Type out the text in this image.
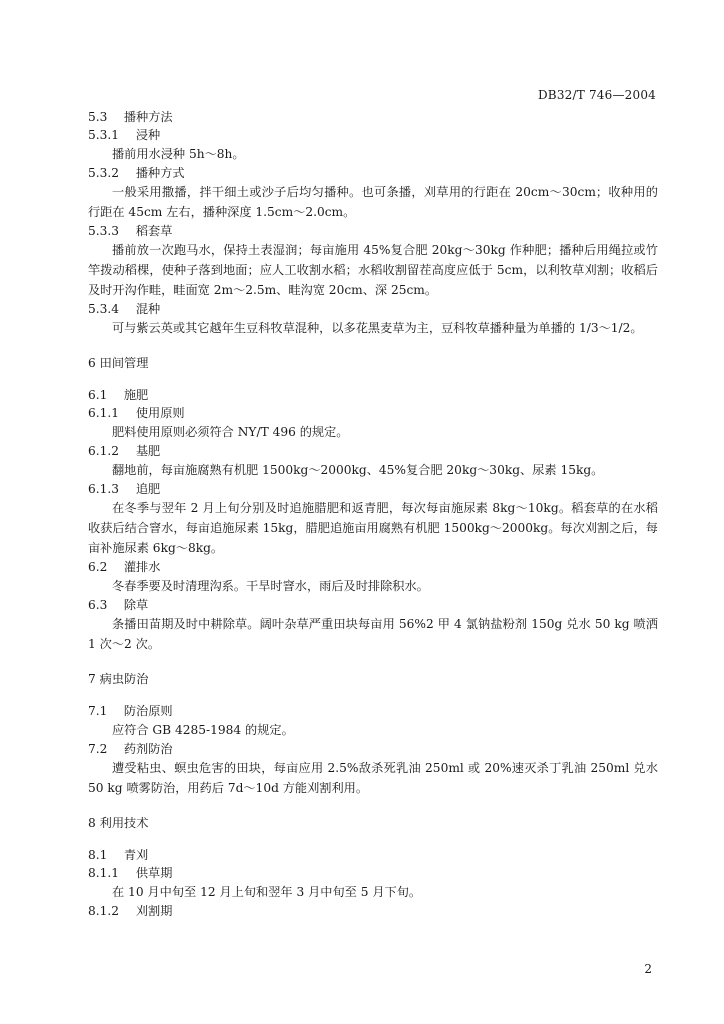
DB32/T 746—2004
5.3 播种方法
5.3.1 浸种

播前用水浸种 5h～8h。

5.3.2 播种方式

一般采用撒播，拌干细土或沙子后均匀播种。也可条播，刈草用的行距在 20cm～30cm；收种用的行距在 45cm 左右，播种深度 1.5cm～2.0cm。

5.3.3 稻套草

播前放一次跑马水，保持土表湿润；每亩施用 45%复合肥 20kg～30kg 作种肥；播种后用绳拉或竹竿拨动稻棵，使种子落到地面；应人工收割水稻；水稻收割留茬高度应低于 5cm，以利牧草刈割；收稻后及时开沟作畦，畦面宽 2m～2.5m、畦沟宽 20cm、深 25cm。

5.3.4 混种

可与紫云英或其它越年生豆科牧草混种，以多花黑麦草为主，豆科牧草播种量为单播的 1/3～1/2。

6 田间管理
6.1 施肥
6.1.1 使用原则

肥料使用原则必须符合 NY/T 496 的规定。

6.1.2 基肥

翻地前，每亩施腐熟有机肥 1500kg～2000kg、45%复合肥 20kg～30kg、尿素 15kg。

6.1.3 追肥

在冬季与翌年 2 月上旬分别及时追施腊肥和返青肥，每次每亩施尿素 8kg～10kg。稻套草的在水稻收获后结合窨水，每亩追施尿素 15kg，腊肥追施亩用腐熟有机肥 1500kg～2000kg。每次刈割之后，每亩补施尿素 6kg～8kg。

6.2 灌排水

冬春季要及时清理沟系。干旱时窨水，雨后及时排除积水。

6.3 除草

条播田苗期及时中耕除草。阔叶杂草严重田块每亩用 56%2 甲 4 氯钠盐粉剂 150g 兑水 50 kg 喷洒 1 次～2 次。

7 病虫防治
7.1 防治原则

应符合 GB 4285-1984 的规定。

7.2 药剂防治

遭受粘虫、螟虫危害的田块，每亩应用 2.5%敌杀死乳油 250ml 或 20%速灭杀丁乳油 250ml 兑水 50 kg 喷雾防治，用药后 7d～10d 方能刈割利用。

8 利用技术
8.1 青刈
8.1.1 供草期

在 10 月中旬至 12 月上旬和翌年 3 月中旬至 5 月下旬。

8.1.2 刈割期
2
